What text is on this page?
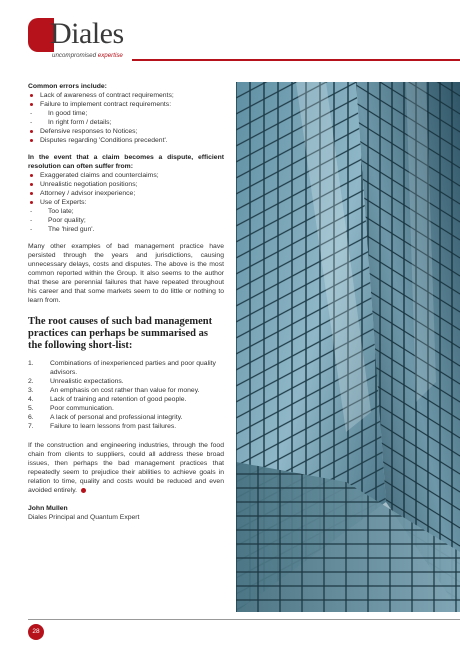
Diales
uncompromised expertise

Common errors include:

Lack of awareness of contract requirements;
Failure to implement contract requirements:
- In good time;
- In right form / details;
Defensive responses to Notices;
Disputes regarding 'Conditions precedent'.

In the event that a claim becomes a dispute, efficient resolution can often suffer from:

Exaggerated claims and counterclaims;
Unrealistic negotiation positions;
Attorney / advisor inexperience;
Use of Experts:
- Too late;
- Poor quality;
- The 'hired gun'.

Many other examples of bad management practice have persisted through the years and jurisdictions, causing unnecessary delays, costs and disputes. The above is the most common reported within the Group. It also seems to the author that these are perennial failures that have repeated throughout his career and that some markets seem to do little or nothing to learn from.

The root causes of such bad management practices can perhaps be summarised as the following short-list:

1. Combinations of inexperienced parties and poor quality advisors.
2. Unrealistic expectations.
3. An emphasis on cost rather than value for money.
4. Lack of training and retention of good people.
5. Poor communication.
6. A lack of personal and professional integrity.
7. Failure to learn lessons from past failures.

If the construction and engineering industries, through the food chain from clients to suppliers, could all address these broad issues, then perhaps the bad management practices that repeatedly seem to prejudice their abilities to achieve goals in relation to time, quality and costs would be reduced and even avoided entirely.

John Mullen

Diales Principal and Quantum Expert

28
